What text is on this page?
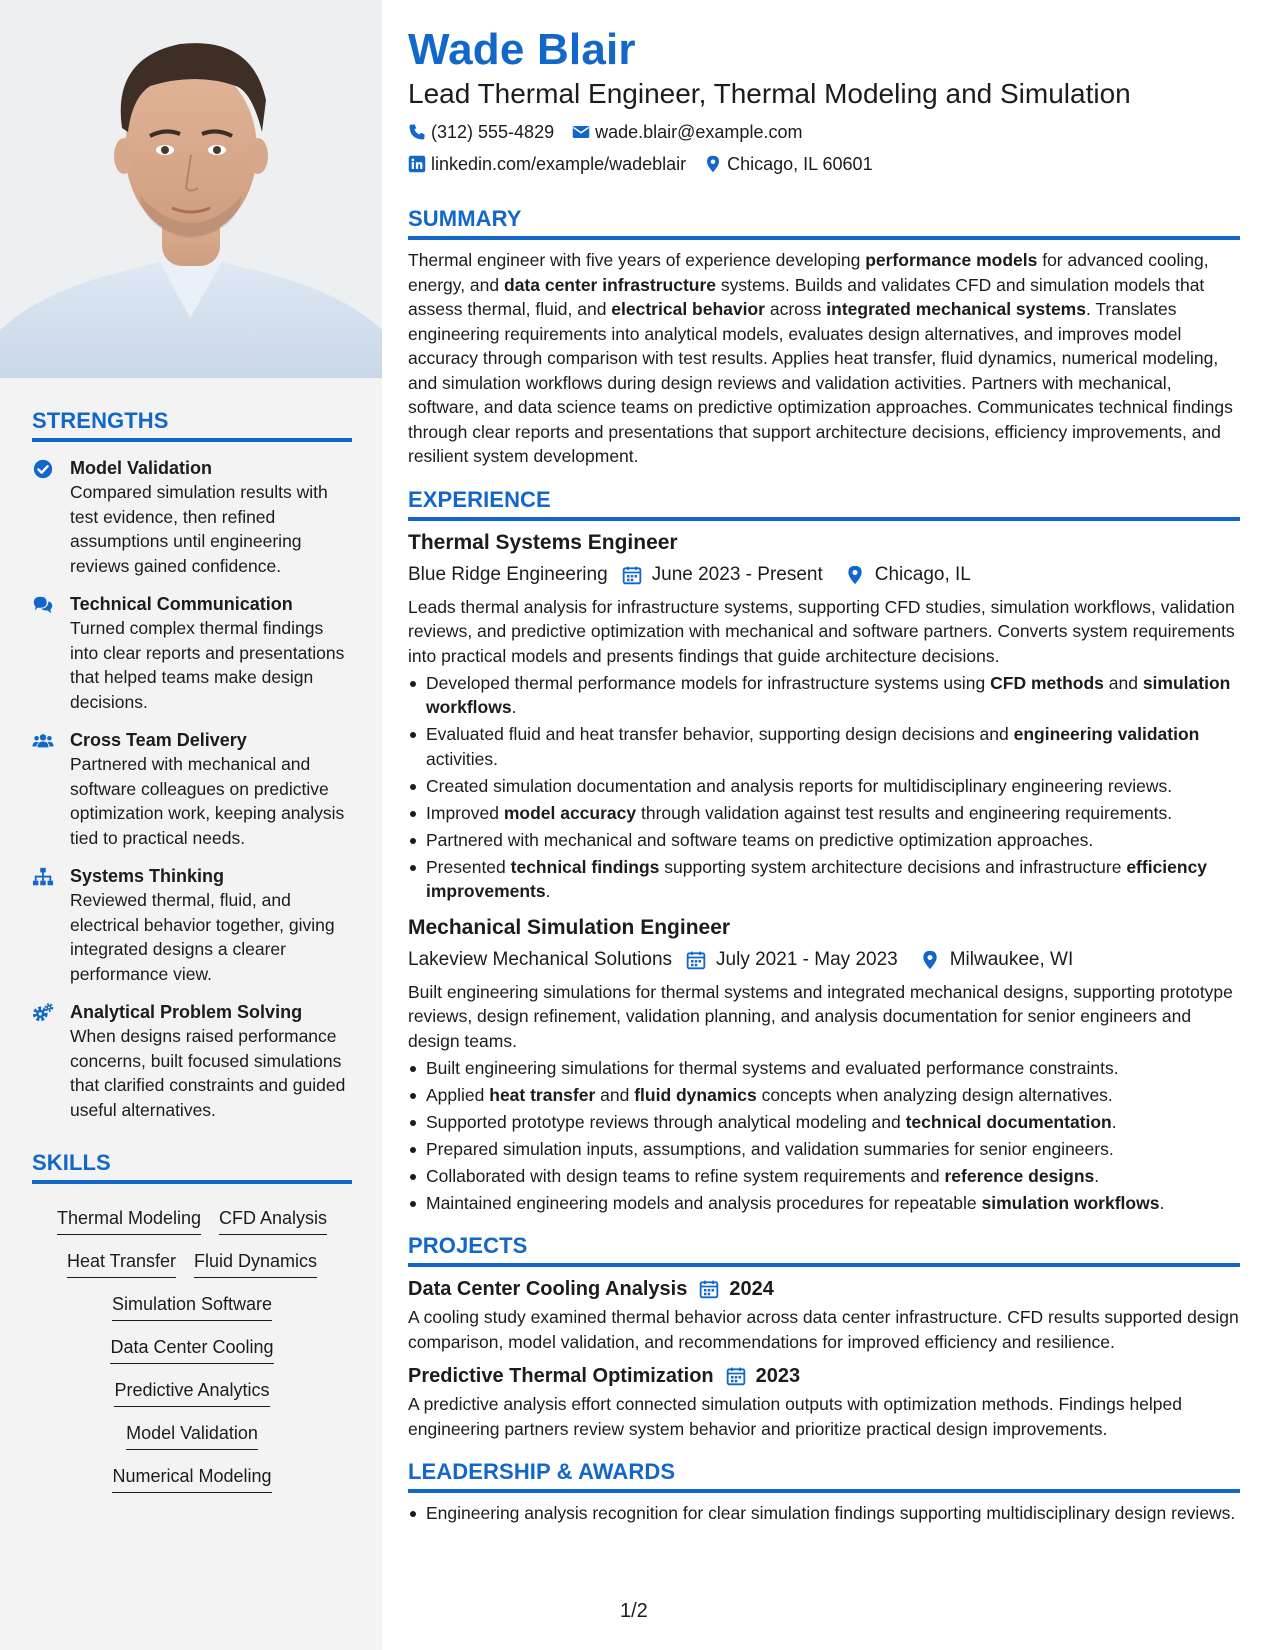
STRENGTHS
Model Validation
Compared simulation results with test evidence, then refined assumptions until engineering reviews gained confidence.
Technical Communication
Turned complex thermal findings into clear reports and presentations that helped teams make design decisions.
Cross Team Delivery
Partnered with mechanical and software colleagues on predictive optimization work, keeping analysis tied to practical needs.
Systems Thinking
Reviewed thermal, fluid, and electrical behavior together, giving integrated designs a clearer performance view.
Analytical Problem Solving
When designs raised performance concerns, built focused simulations that clarified constraints and guided useful alternatives.
SKILLS
Thermal Modeling CFD Analysis
Heat Transfer Fluid Dynamics
Simulation Software
Data Center Cooling
Predictive Analytics
Model Validation
Numerical Modeling
Wade Blair
Lead Thermal Engineer, Thermal Modeling and Simulation
(312) 555-4829 wade.blair@example.com
linkedin.com/example/wadeblair Chicago, IL 60601
SUMMARY
Thermal engineer with five years of experience developing performance models for advanced cooling, energy, and data center infrastructure systems. Builds and validates CFD and simulation models that assess thermal, fluid, and electrical behavior across integrated mechanical systems. Translates engineering requirements into analytical models, evaluates design alternatives, and improves model accuracy through comparison with test results. Applies heat transfer, fluid dynamics, numerical modeling, and simulation workflows during design reviews and validation activities. Partners with mechanical, software, and data science teams on predictive optimization approaches. Communicates technical findings through clear reports and presentations that support architecture decisions, efficiency improvements, and resilient system development.
EXPERIENCE
Thermal Systems Engineer
Blue Ridge Engineering June 2023 - Present	Chicago, IL
Leads thermal analysis for infrastructure systems, supporting CFD studies, simulation workflows, validation reviews, and predictive optimization with mechanical and software partners. Converts system requirements into practical models and presents findings that guide architecture decisions.
Developed thermal performance models for infrastructure systems using CFD methods and simulation workflows.
Evaluated fluid and heat transfer behavior, supporting design decisions and engineering validation activities.
Created simulation documentation and analysis reports for multidisciplinary engineering reviews.
Improved model accuracy through validation against test results and engineering requirements.
Partnered with mechanical and software teams on predictive optimization approaches.
Presented technical findings supporting system architecture decisions and infrastructure efficiency improvements.
Mechanical Simulation Engineer
Lakeview Mechanical Solutions July 2021 - May 2023	Milwaukee, WI
Built engineering simulations for thermal systems and integrated mechanical designs, supporting prototype reviews, design refinement, validation planning, and analysis documentation for senior engineers and design teams.
Built engineering simulations for thermal systems and evaluated performance constraints.
Applied heat transfer and fluid dynamics concepts when analyzing design alternatives.
Supported prototype reviews through analytical modeling and technical documentation.
Prepared simulation inputs, assumptions, and validation summaries for senior engineers.
Collaborated with design teams to refine system requirements and reference designs.
Maintained engineering models and analysis procedures for repeatable simulation workflows.
PROJECTS
Data Center Cooling Analysis 2024
A cooling study examined thermal behavior across data center infrastructure. CFD results supported design comparison, model validation, and recommendations for improved efficiency and resilience.
Predictive Thermal Optimization 2023
A predictive analysis effort connected simulation outputs with optimization methods. Findings helped engineering partners review system behavior and prioritize practical design improvements.
LEADERSHIP & AWARDS
Engineering analysis recognition for clear simulation findings supporting multidisciplinary design reviews.
1/2
